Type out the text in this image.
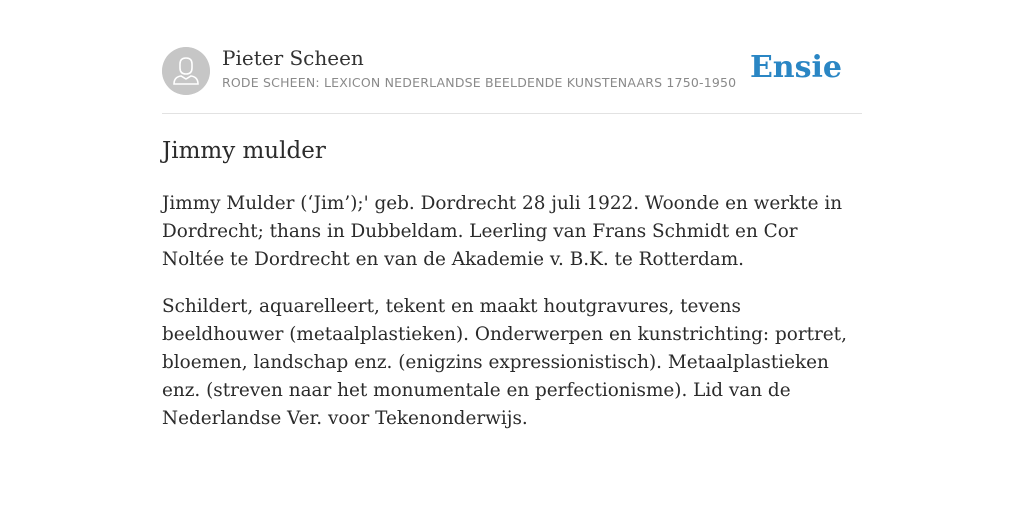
Pieter Scheen
RODE SCHEEN: LEXICON NEDERLANDSE BEELDENDE KUNSTENAARS 1750-1950 Ensie
Jimmy mulder

Jimmy Mulder (‘Jim’);' geb. Dordrecht 28 juli 1922. Woonde en werkte in Dordrecht; thans in Dubbeldam. Leerling van Frans Schmidt en Cor Noltée te Dordrecht en van de Akademie v. B.K. te Rotterdam.

Schildert, aquarelleert, tekent en maakt houtgravures, tevens beeldhouwer (metaalplastieken). Onderwerpen en kunstrichting: portret, bloemen, landschap enz. (enigzins expressionistisch). Metaalplastieken enz. (streven naar het monumentale en perfectionisme). Lid van de Nederlandse Ver. voor Tekenonderwijs.
